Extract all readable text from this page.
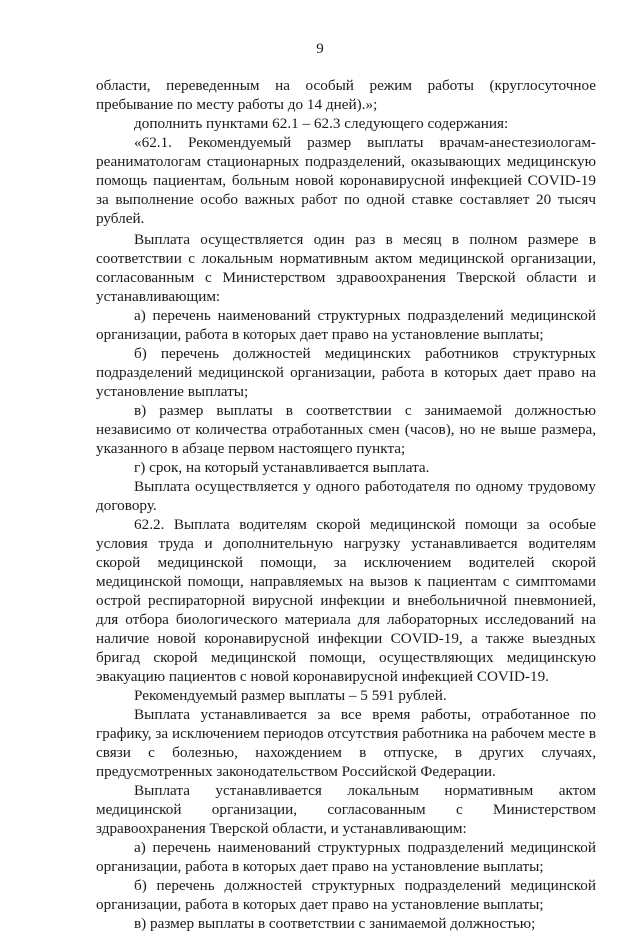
9

области, переведенным на особый режим работы (круглосуточное пребывание по месту работы до 14 дней).»;

дополнить пунктами 62.1 – 62.3 следующего содержания:

«62.1. Рекомендуемый размер выплаты врачам-анестезиологам-реаниматологам стационарных подразделений, оказывающих медицинскую помощь пациентам, больным новой коронавирусной инфекцией COVID-19 за выполнение особо важных работ по одной ставке составляет 20 тысяч рублей.

Выплата осуществляется один раз в месяц в полном размере в соответствии с локальным нормативным актом медицинской организации, согласованным с Министерством здравоохранения Тверской области и устанавливающим:

а) перечень наименований структурных подразделений медицинской организации, работа в которых дает право на установление выплаты;

б) перечень должностей медицинских работников структурных подразделений медицинской организации, работа в которых дает право на установление выплаты;

в) размер выплаты в соответствии с занимаемой должностью независимо от количества отработанных смен (часов), но не выше размера, указанного в абзаце первом настоящего пункта;

г) срок, на который устанавливается выплата.

Выплата осуществляется у одного работодателя по одному трудовому договору.

62.2. Выплата водителям скорой медицинской помощи за особые условия труда и дополнительную нагрузку устанавливается водителям скорой медицинской помощи, за исключением водителей скорой медицинской помощи, направляемых на вызов к пациентам с симптомами острой респираторной вирусной инфекции и внебольничной пневмонией, для отбора биологического материала для лабораторных исследований на наличие новой коронавирусной инфекции COVID-19, а также выездных бригад скорой медицинской помощи, осуществляющих медицинскую эвакуацию пациентов с новой коронавирусной инфекцией COVID-19.

Рекомендуемый размер выплаты – 5 591 рублей.

Выплата устанавливается за все время работы, отработанное по графику, за исключением периодов отсутствия работника на рабочем месте в связи с болезнью, нахождением в отпуске, в других случаях, предусмотренных законодательством Российской Федерации.

Выплата устанавливается локальным нормативным актом медицинской организации, согласованным с Министерством здравоохранения Тверской области, и устанавливающим:

а) перечень наименований структурных подразделений медицинской организации, работа в которых дает право на установление выплаты;

б) перечень должностей структурных подразделений медицинской организации, работа в которых дает право на установление выплаты;

в) размер выплаты в соответствии с занимаемой должностью;
